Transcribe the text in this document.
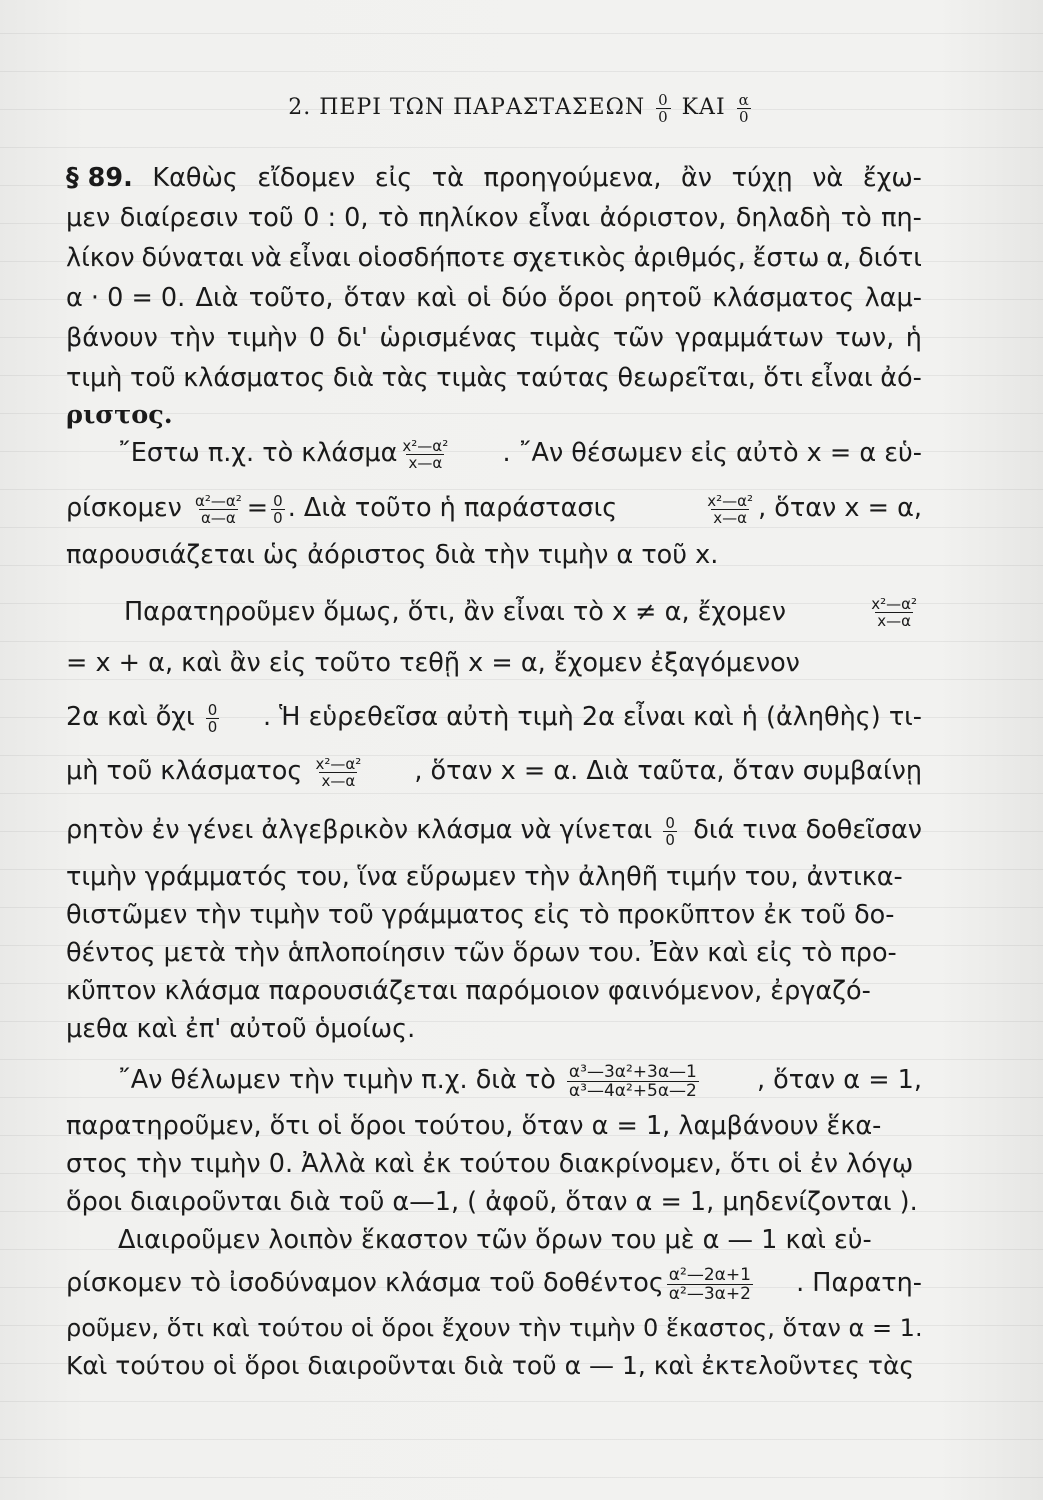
2. ΠΕΡΙ ΤΩΝ ΠΑΡΑΣΤΑΣΕΩΝ $\frac{0}{0}$ ΚΑΙ $\frac{\alpha}{0}$
§ 89. Καθὼς εἴδομεν εἰς τὰ προηγούμενα, ἂν τύχῃ νὰ ἔχω-
μεν διαίρεσιν τοῦ 0 : 0, τὸ πηλίκον εἶναι ἀόριστον, δηλαδὴ τὸ πη-
λίκον δύναται νὰ εἶναι οἱοσδήποτε σχετικὸς ἀριθμός, ἔστω α, διότι
α · 0 = 0. Διὰ τοῦτο, ὅταν καὶ οἱ δύο ὅροι ρητοῦ κλάσματος λαμ-
βάνουν τὴν τιμὴν 0 δι' ὡρισμένας τιμὰς τῶν γραμμάτων των, ἡ
τιμὴ τοῦ κλάσματος διὰ τὰς τιμὰς ταύτας θεωρεῖται, ὅτι εἶναι ἀό-
ριστος.
῎Εστω π.χ. τὸ κλάσμα $\frac{\text{x²—α²}}{x—\alpha}$ . ῎Αν θέσωμεν εἰς αὐτὸ x = α εὑ-
ρίσκομεν $\frac{\text{α²—α²}}{\alpha—\alpha} = \frac{0}{0}$ . Διὰ τοῦτο ἡ παράστασις	$\frac{\text{x²—α²}}{x—\alpha}$ , ὅταν x = α,
παρουσιάζεται ὡς ἀόριστος διὰ τὴν τιμὴν α τοῦ x.
Παρατηροῦμεν ὅμως, ὅτι, ἂν εἶναι τὸ x ≠ α, ἔχομεν	$\frac{\text{x²—α²}}{x—\alpha}$
= x + α, καὶ ἂν εἰς τοῦτο τεθῇ x = α, ἔχομεν ἐξαγόμενον
2α καὶ ὄχι $\frac{0}{0}$ . Ἡ εὑρεθεῖσα αὐτὴ τιμὴ 2α εἶναι καὶ ἡ (ἀληθὴς) τι-
μὴ τοῦ κλάσματος $\frac{\text{x²—α²}}{x—\alpha}$ , ὅταν x = α. Διὰ ταῦτα, ὅταν συμβαίνῃ
ρητὸν ἐν γένει ἀλγεβρικὸν κλάσμα νὰ γίνεται $\frac{0}{0}$ διά τινα δοθεῖσαν
τιμὴν γράμματός του, ἵνα εὕρωμεν τὴν ἀληθῆ τιμήν του, ἀντικα-
θιστῶμεν τὴν τιμὴν τοῦ γράμματος εἰς τὸ προκῦπτον ἐκ τοῦ δο-
θέντος μετὰ τὴν ἁπλοποίησιν τῶν ὅρων του. Ἐὰν καὶ εἰς τὸ προ-
κῦπτον κλάσμα παρουσιάζεται παρόμοιον φαινόμενον, ἐργαζό-
μεθα καὶ ἐπ' αὐτοῦ ὁμοίως.
῎Αν θέλωμεν τὴν τιμὴν π.χ. διὰ τὸ $\frac{\text{α³—3α²+3α—1}}{\text{α³—4α²+5α—2}}$ , ὅταν α = 1,
παρατηροῦμεν, ὅτι οἱ ὅροι τούτου, ὅταν α = 1, λαμβάνουν ἕκα-
στος τὴν τιμὴν 0. Ἀλλὰ καὶ ἐκ τούτου διακρίνομεν, ὅτι οἱ ἐν λόγῳ
ὅροι διαιροῦνται διὰ τοῦ α—1, ( ἀφοῦ, ὅταν α = 1, μηδενίζονται ).
Διαιροῦμεν λοιπὸν ἕκαστον τῶν ὅρων του μὲ α — 1 καὶ εὑ-
ρίσκομεν τὸ ἰσοδύναμον κλάσμα τοῦ δοθέντος $\frac{\text{α²—2α+1}}{\text{α²—3α+2}}$ . Παρατη-
ροῦμεν, ὅτι καὶ τούτου οἱ ὅροι ἔχουν τὴν τιμὴν 0 ἕκαστος, ὅταν α = 1.
Καὶ τούτου οἱ ὅροι διαιροῦνται διὰ τοῦ α — 1, καὶ ἐκτελοῦντες τὰς
